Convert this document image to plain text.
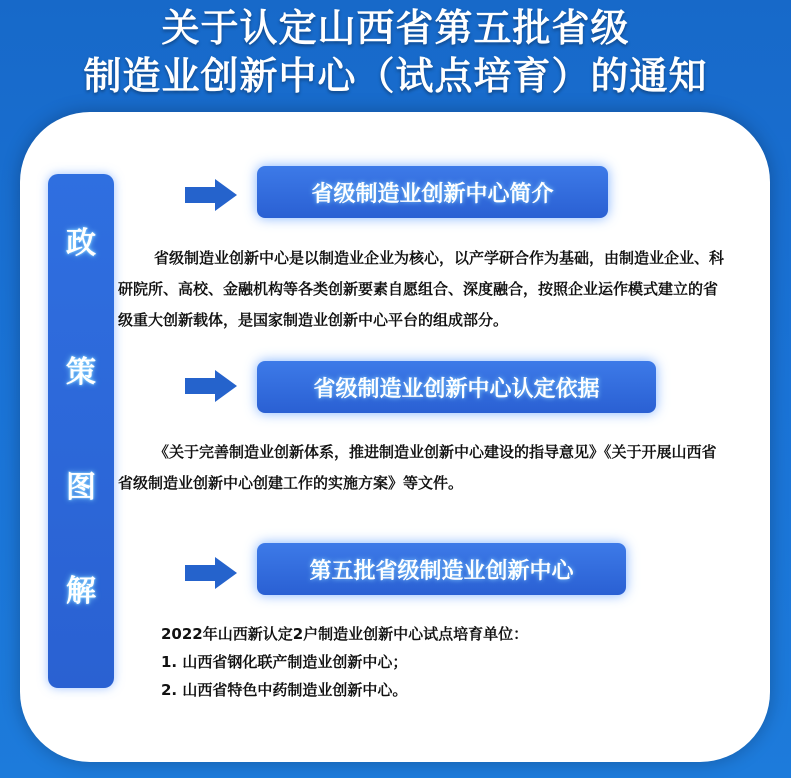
关于认定山西省第五批省级
制造业创新中心（试点培育）的通知
政
策
图
解
省级制造业创新中心简介

省级制造业创新中心是以制造业企业为核心，以产学研合作为基础，由制造业企业、科研院所、高校、金融机构等各类创新要素自愿组合、深度融合，按照企业运作模式建立的省级重大创新载体，是国家制造业创新中心平台的组成部分。

省级制造业创新中心认定依据

《关于完善制造业创新体系，推进制造业创新中心建设的指导意见》《关于开展山西省省级制造业创新中心创建工作的实施方案》等文件。

第五批省级制造业创新中心
2022年山西新认定2户制造业创新中心试点培育单位：
1. 山西省钢化联产制造业创新中心；
2. 山西省特色中药制造业创新中心。
